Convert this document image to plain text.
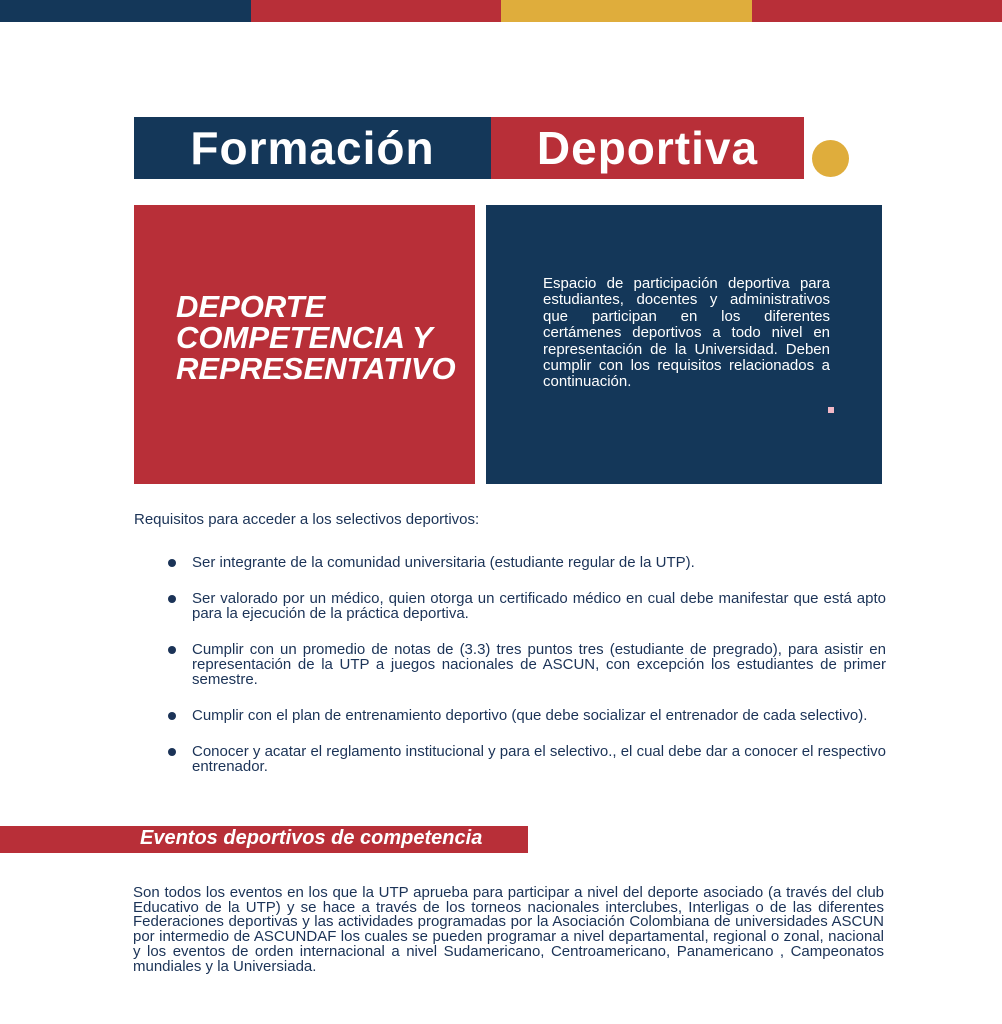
Formación	Deportiva
DEPORTE
COMPETENCIA Y
REPRESENTATIVO
Espacio de participación deportiva para estudiantes, docentes y administrativos que participan en los diferentes certámenes deportivos a todo nivel en representación de la Universidad. Deben cumplir con los requisitos relacionados a continuación.
Requisitos para acceder a los selectivos deportivos:
Ser integrante de la comunidad universitaria (estudiante regular de la UTP).
Ser valorado por un médico, quien otorga un certificado médico en cual debe manifestar que está apto para la ejecución de la práctica deportiva.
Cumplir con un promedio de notas de (3.3) tres puntos tres (estudiante de pregrado), para asistir en representación de la UTP a juegos nacionales de ASCUN, con excepción los estudiantes de primer semestre.
Cumplir con el plan de entrenamiento deportivo (que debe socializar el entrenador de cada selectivo).
Conocer y acatar el reglamento institucional y para el selectivo., el cual debe dar a conocer el respectivo entrenador.
Eventos deportivos de competencia
Son todos los eventos en los que la UTP aprueba para participar a nivel del deporte asociado (a través del club Educativo de la UTP) y se hace a través de los torneos nacionales interclubes, Interligas o de las diferentes Federaciones deportivas y las actividades programadas por la Asociación Colombiana de universidades ASCUN por intermedio de ASCUNDAF los cuales se pueden programar a nivel departamental, regional o zonal, nacional y los eventos de orden internacional a nivel Sudamericano, Centroamericano, Panamericano , Campeonatos mundiales y la Universiada.
